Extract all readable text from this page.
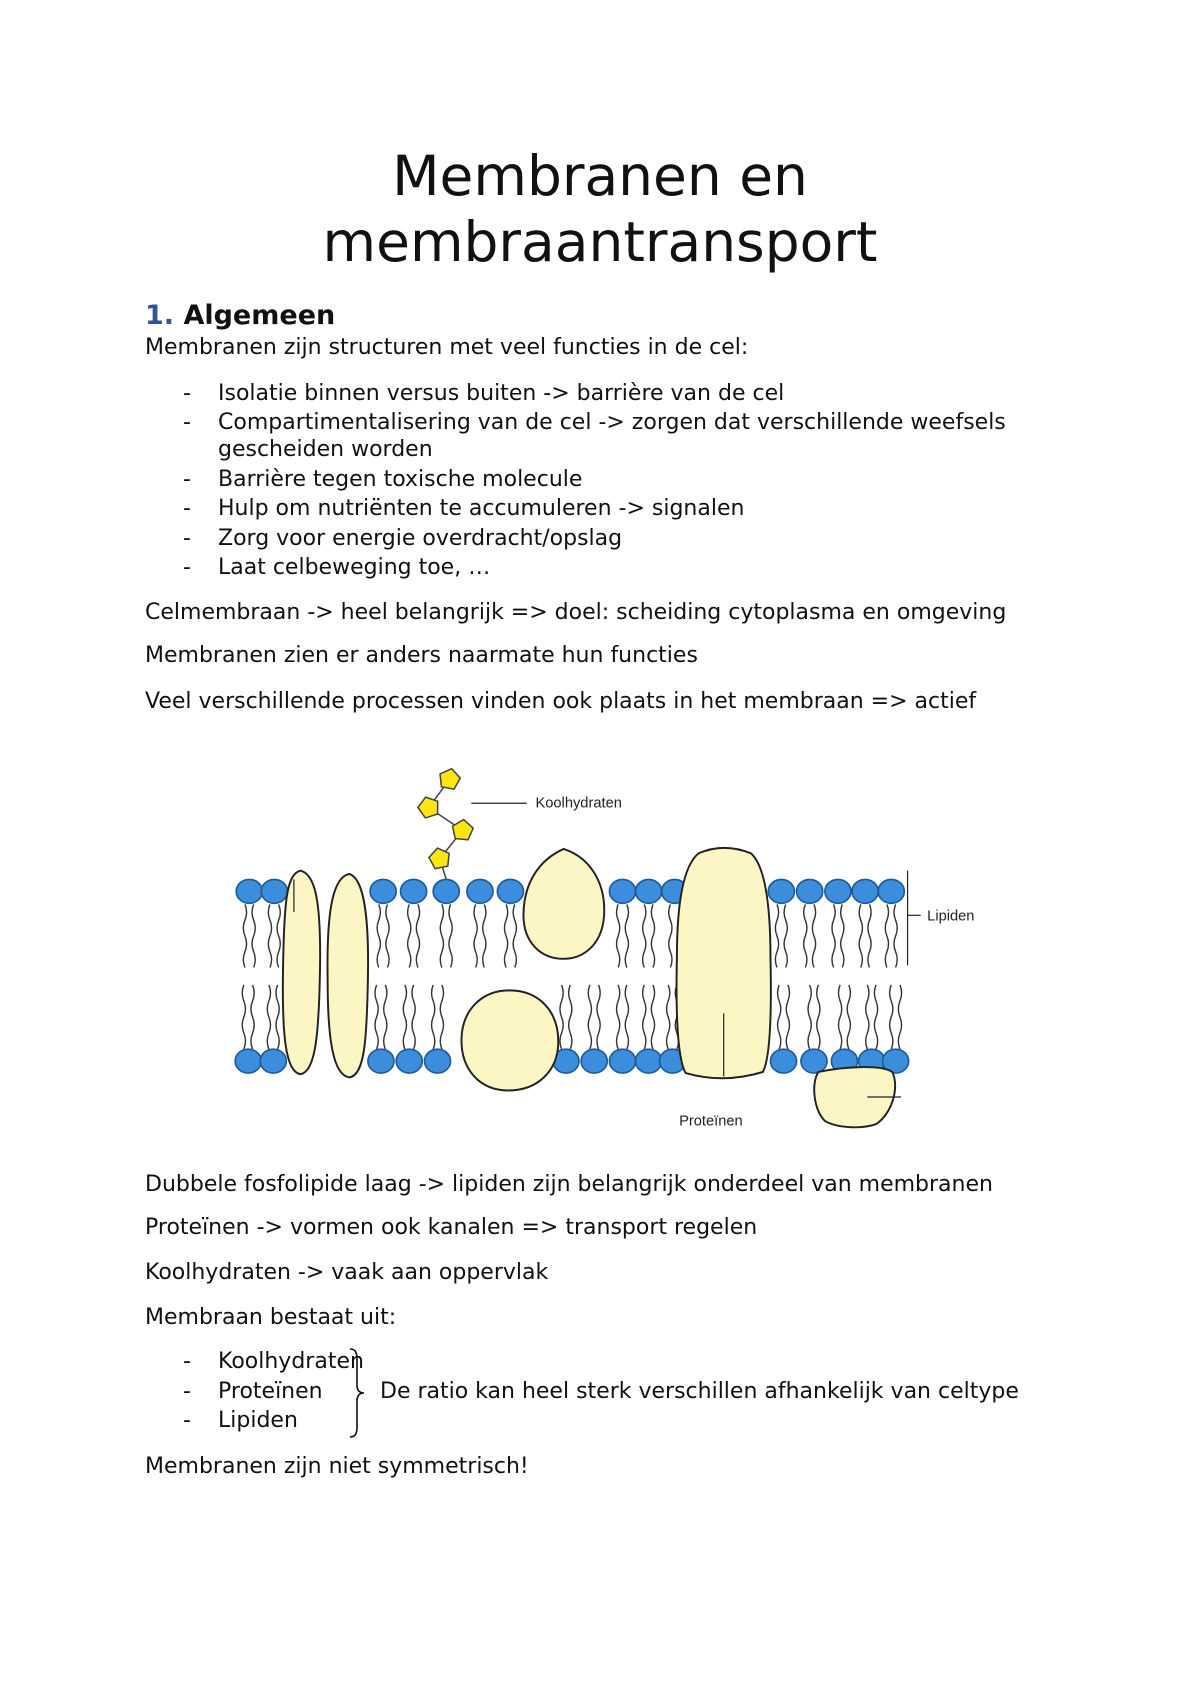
Membranen en
membraantransport
1. Algemeen
Membranen zijn structuren met veel functies in de cel:
- Isolatie binnen versus buiten -> barrière van de cel
- Compartimentalisering van de cel -> zorgen dat verschillende weefsels gescheiden worden
- Barrière tegen toxische molecule
- Hulp om nutriënten te accumuleren -> signalen
- Zorg voor energie overdracht/opslag
- Laat celbeweging toe, …
Celmembraan -> heel belangrijk => doel: scheiding cytoplasma en omgeving
Membranen zien er anders naarmate hun functies
Veel verschillende processen vinden ook plaats in het membraan => actief
Koolhydraten
Lipiden
Proteïnen
Dubbele fosfolipide laag -> lipiden zijn belangrijk onderdeel van membranen
Proteïnen -> vormen ook kanalen => transport regelen
Koolhydraten -> vaak aan oppervlak
Membraan bestaat uit:
- Koolhydraten
- Proteïnen
- Lipiden
De ratio kan heel sterk verschillen afhankelijk van celtype
Membranen zijn niet symmetrisch!
